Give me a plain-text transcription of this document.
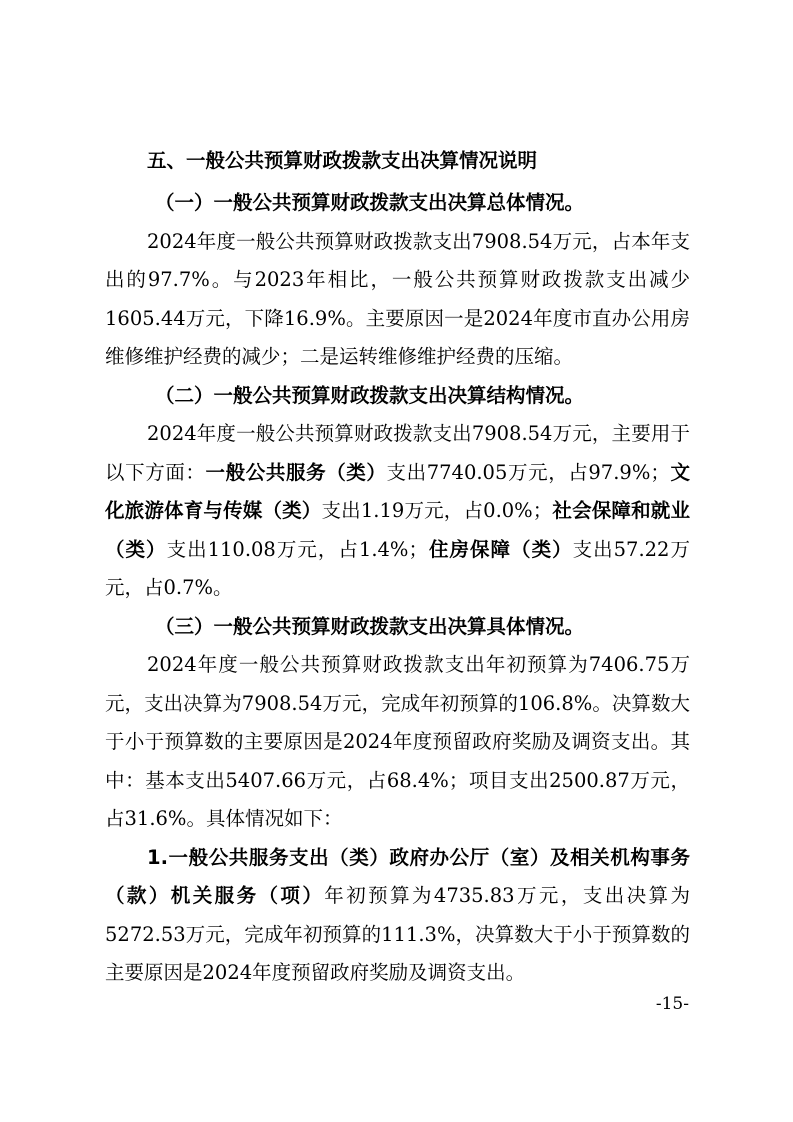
五、一般公共预算财政拨款支出决算情况说明
（一）一般公共预算财政拨款支出决算总体情况。

2024年度一般公共预算财政拨款支出7908.54万元，占本年支出的97.7%。与2023年相比，一般公共预算财政拨款支出减少1605.44万元，下降16.9%。主要原因一是2024年度市直办公用房维修维护经费的减少；二是运转维修维护经费的压缩。

（二）一般公共预算财政拨款支出决算结构情况。

2024年度一般公共预算财政拨款支出7908.54万元，主要用于以下方面：一般公共服务（类）支出7740.05万元，占97.9%；文化旅游体育与传媒（类）支出1.19万元，占0.0%；社会保障和就业（类）支出110.08万元，占1.4%；住房保障（类）支出57.22万元，占0.7%。

（三）一般公共预算财政拨款支出决算具体情况。

2024年度一般公共预算财政拨款支出年初预算为7406.75万元，支出决算为7908.54万元，完成年初预算的106.8%。决算数大于小于预算数的主要原因是2024年度预留政府奖励及调资支出。其中：基本支出5407.66万元，占68.4%；项目支出2500.87万元，占31.6%。具体情况如下：

1.一般公共服务支出（类）政府办公厅（室）及相关机构事务（款）机关服务（项）年初预算为4735.83万元，支出决算为5272.53万元，完成年初预算的111.3%，决算数大于小于预算数的主要原因是2024年度预留政府奖励及调资支出。

-15-
